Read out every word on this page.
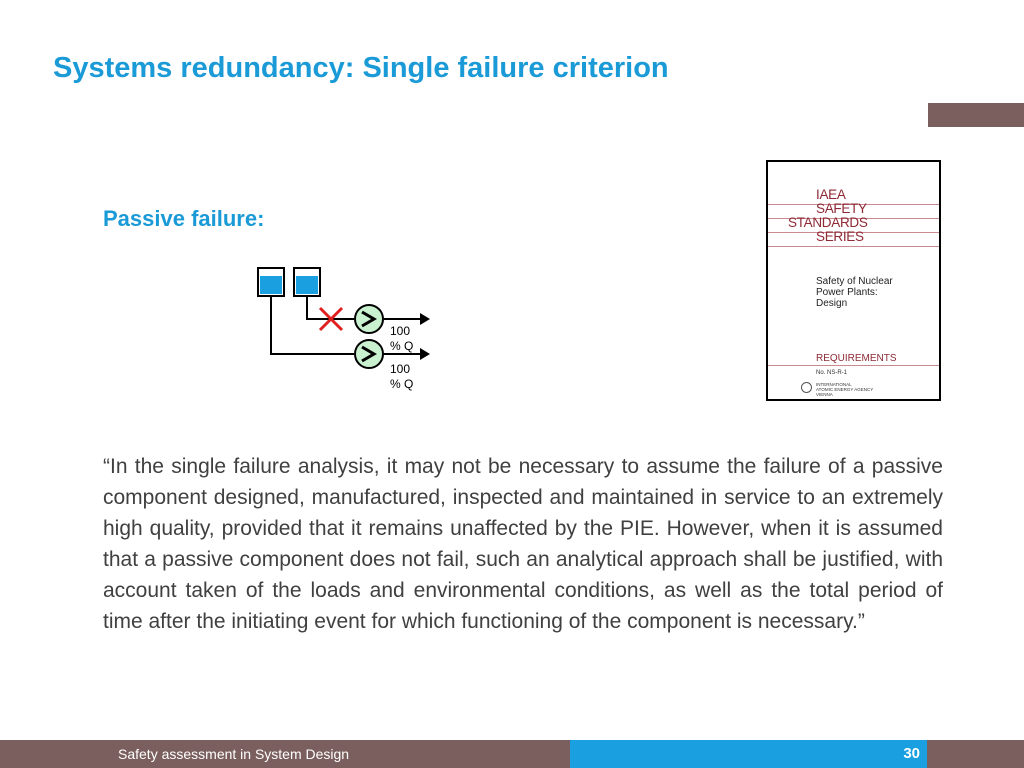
Systems redundancy: Single failure criterion
Passive failure:
100
% Q
100
% Q
IAEA
SAFETY
STANDARDS
SERIES
Safety of Nuclear
Power Plants:
Design
REQUIREMENTS
No. NS-R-1
INTERNATIONAL
ATOMIC ENERGY AGENCY
VIENNA
“In the single failure analysis, it may not be necessary to assume the failure of a passive component designed, manufactured, inspected and maintained in service to an extremely high quality, provided that it remains unaffected by the PIE. However, when it is assumed that a passive component does not fail, such an analytical approach shall be justified, with account taken of the loads and environmental conditions, as well as the total period of time after the initiating event for which functioning of the component is necessary.”
Safety assessment in System Design	30
